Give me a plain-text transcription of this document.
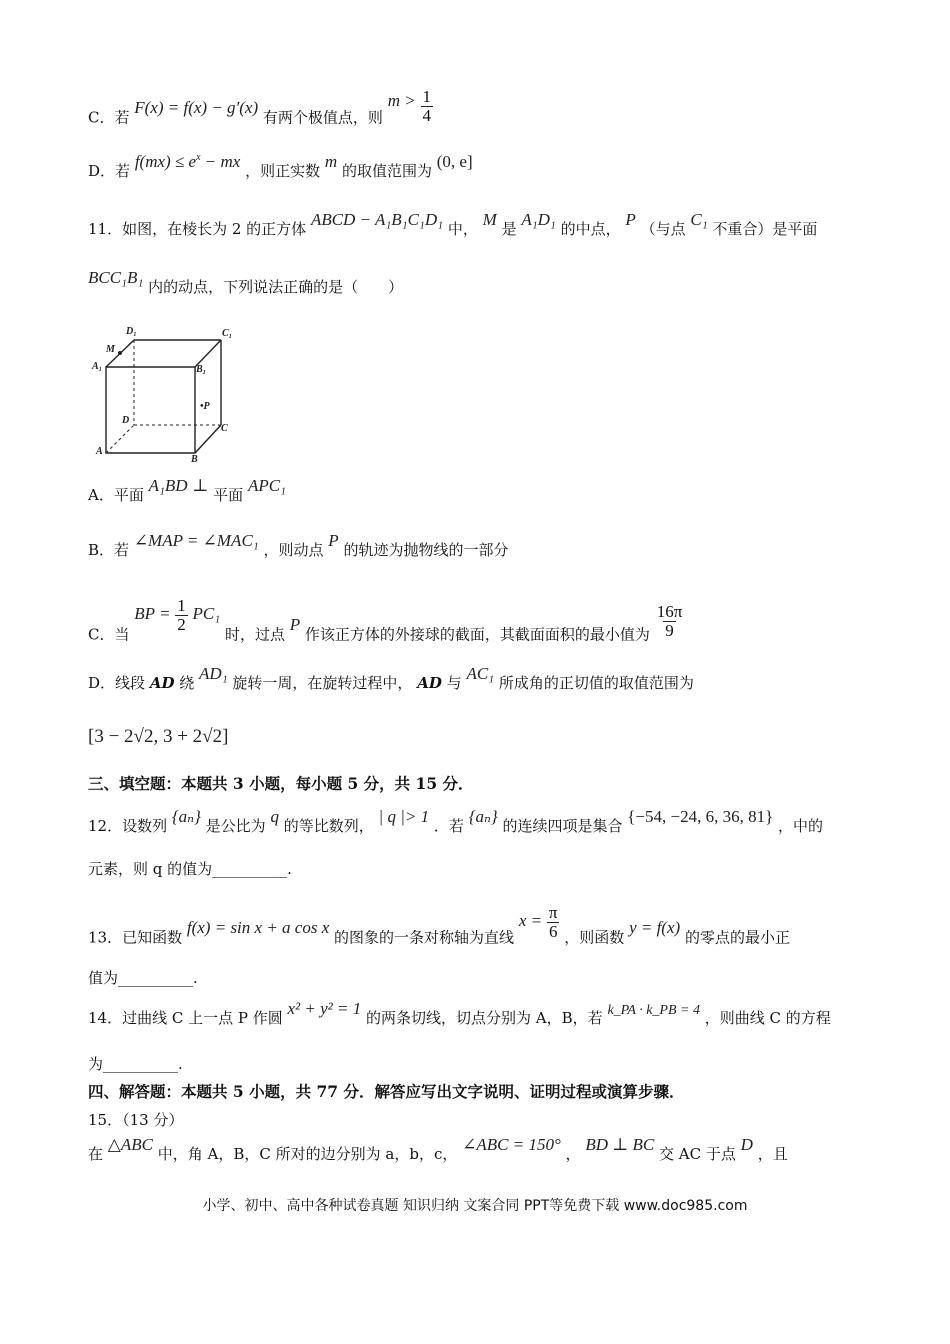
C．若 F(x) = f(x) − g′(x) 有两个极值点，则 $m > \frac{1}{4}$
D．若 $f(mx) \le e^x$ − mx ，则正实数 m 的取值范围为 (0, e]
11．如图，在棱长为 2 的正方体 ABCD − A₁B₁C₁D₁ 中， M 是 A₁D₁ 的中点， P （与点 C₁ 不重合）是平面
BCC₁B₁ 内的动点，下列说法正确的是（　　）
D₁	C₁
M
A₁	B₁
D
•P
C
A
B
A．平面 A₁BD ⊥ 平面 APC₁
B．若 ∠MAP = ∠MAC₁ ，则动点 P 的轨迹为抛物线的一部分
C．当 BP = $\frac{1}{2} PC_1$ 时，过点 P 作该正方体的外接球的截面，其截面面积的最小值为 $\frac{16\pi}{9}$
D．线段 AD 绕 AD₁ 旋转一周，在旋转过程中， AD 与 AC₁ 所成角的正切值的取值范围为
[3 − 2√2, 3 + 2√2]
三、填空题：本题共 3 小题，每小题 5 分，共 15 分．
12．设数列 {aₙ} 是公比为 q 的等比数列， | q |> 1 ．若 {aₙ} 的连续四项是集合 {−54, −24, 6, 36, 81} ，中的
元素，则 q 的值为__________.
13．已知函数 f(x) = sin x + a cos x 的图象的一条对称轴为直线 $x = \frac{\pi}{6}$ ，则函数 y = f(x) 的零点的最小正
值为__________.
14．过曲线 C 上一点 P 作圆 x² + y² = 1 的两条切线，切点分别为 A，B，若 k_PA · k_PB = 4 ，则曲线 C 的方程
为__________.
四、解答题：本题共 5 小题，共 77 分．解答应写出文字说明、证明过程或演算步骤．
15．（13 分）
在 △ABC 中，角 A，B，C 所对的边分别为 a，b，c， ∠ABC = 150° ， BD ⊥ BC 交 AC 于点 D ，且
小学、初中、高中各种试卷真题 知识归纳 文案合同 PPT等免费下载 www.doc985.com
